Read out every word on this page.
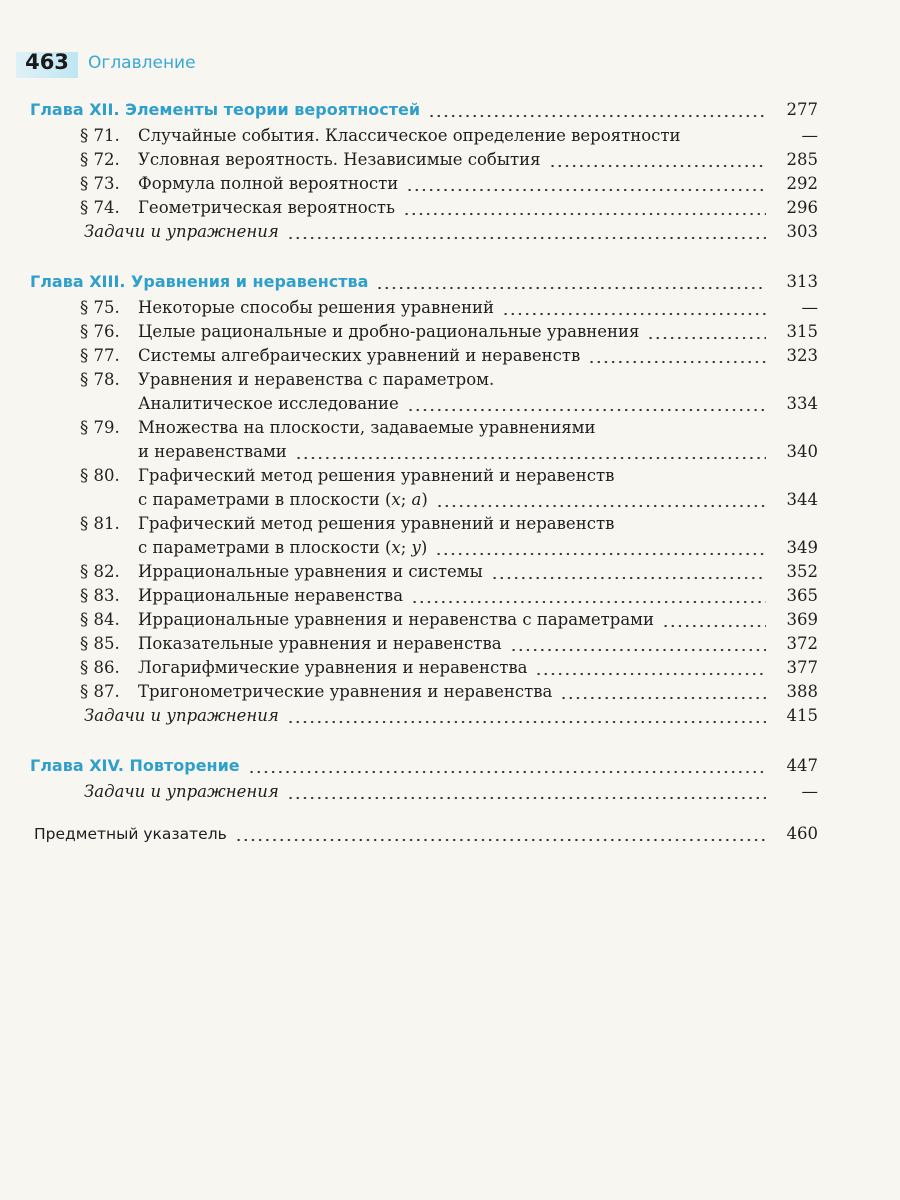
463	Оглавление
Глава XII. Элементы теории вероятностей	277
§ 71. Случайные события. Классическое определение вероятности	—
§ 72. Условная вероятность. Независимые события	285
§ 73. Формула полной вероятности	292
§ 74. Геометрическая вероятность	296
Задачи и упражнения	303
Глава XIII. Уравнения и неравенства	313
§ 75. Некоторые способы решения уравнений	—
§ 76. Целые рациональные и дробно-рациональные уравнения	315
§ 77. Системы алгебраических уравнений и неравенств	323
§ 78. Уравнения и неравенства с параметром.
Аналитическое исследование	334
§ 79. Множества на плоскости, задаваемые уравнениями
и неравенствами	340
§ 80. Графический метод решения уравнений и неравенств
с параметрами в плоскости (x; a)	344
§ 81. Графический метод решения уравнений и неравенств
с параметрами в плоскости (x; y)	349
§ 82. Иррациональные уравнения и системы	352
§ 83. Иррациональные неравенства	365
§ 84. Иррациональные уравнения и неравенства с параметрами	369
§ 85. Показательные уравнения и неравенства	372
§ 86. Логарифмические уравнения и неравенства	377
§ 87. Тригонометрические уравнения и неравенства	388
Задачи и упражнения	415
Глава XIV. Повторение	447
Задачи и упражнения	—
Предметный указатель	460
